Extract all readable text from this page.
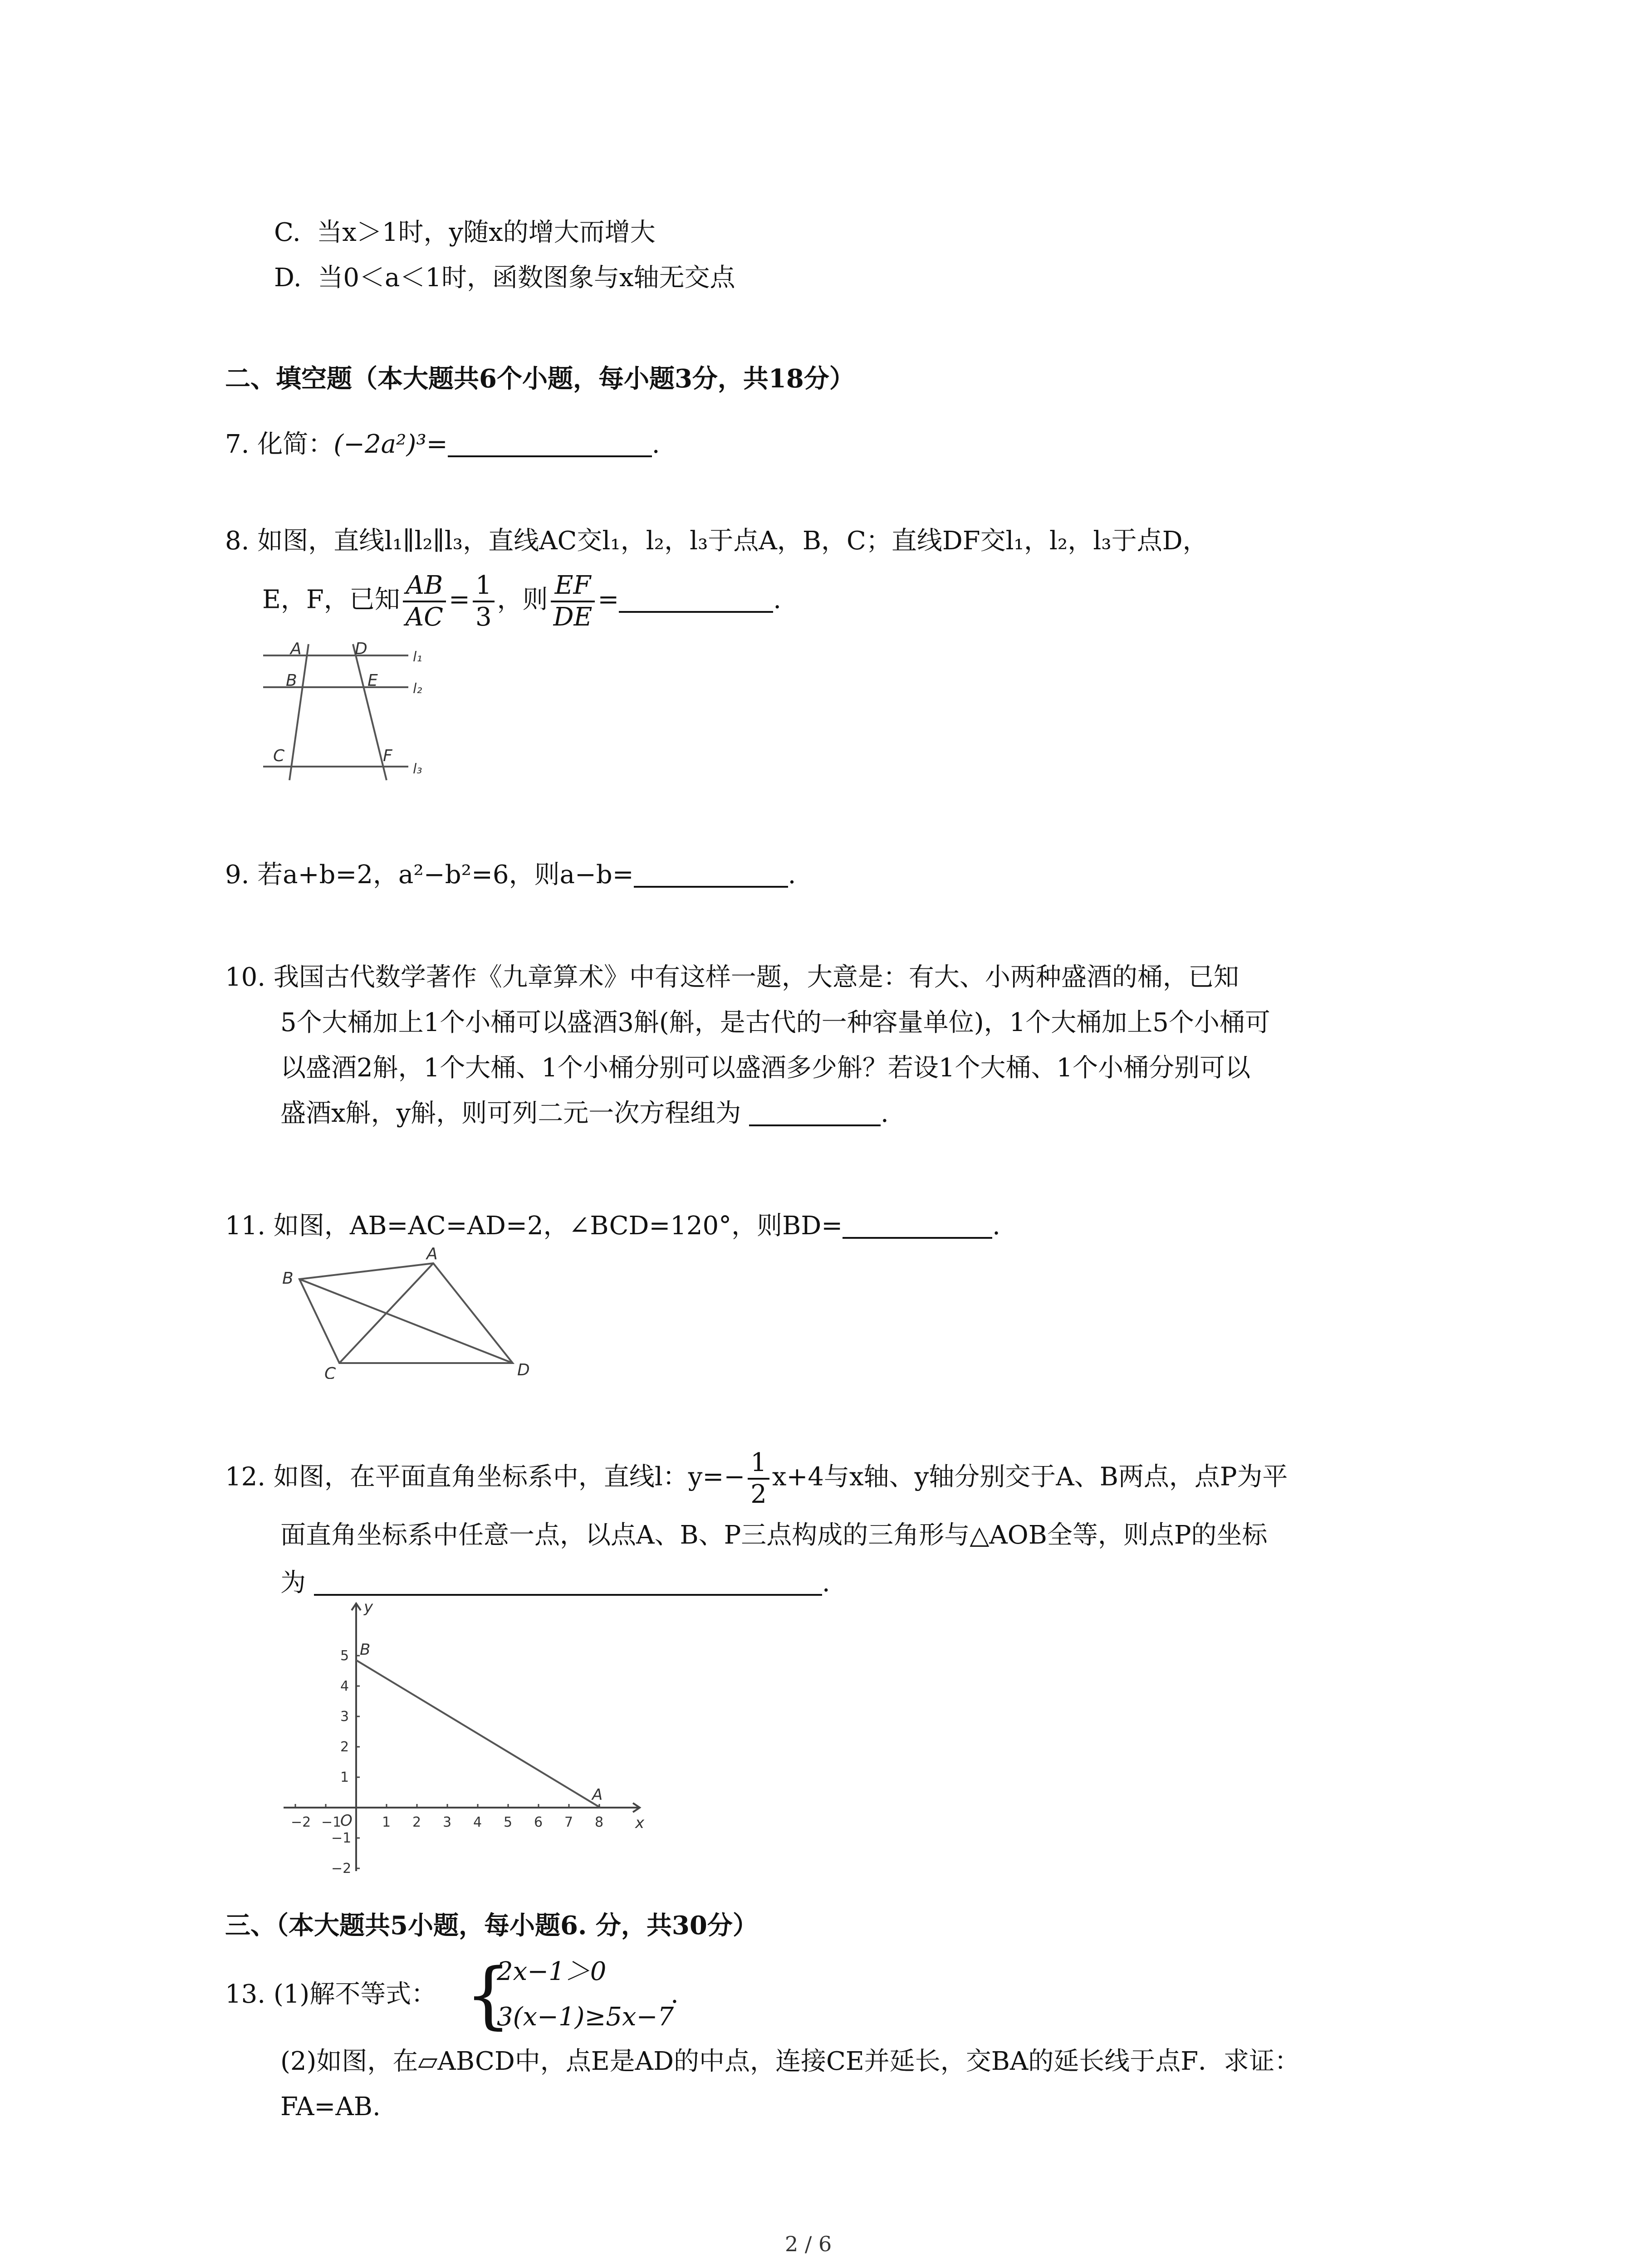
C. 当x＞1时，y随x的增大而增大
D. 当0＜a＜1时，函数图象与x轴无交点
二、填空题（本大题共6个小题，每小题3分，共18分）
7. 化简：(−2a²)³=	.
8. 如图，直线l₁∥l₂∥l₃，直线AC交l₁，l₂，l₃于点A，B，C；直线DF交l₁，l₂，l₃于点D，
E，F，已知 $\frac{AB}{AC} = \frac{1}{3}$ ，则 $\frac{EF}{DE}$ =	.
A	D	l₁
B	E	l₂
C	F
l₃
9. 若a+b=2，a²−b²=6，则a−b=	.
10. 我国古代数学著作《九章算术》中有这样一题，大意是：有大、小两种盛酒的桶，已知
5个大桶加上1个小桶可以盛酒3斛(斛，是古代的一种容量单位)，1个大桶加上5个小桶可
以盛酒2斛，1个大桶、1个小桶分别可以盛酒多少斛？若设1个大桶、1个小桶分别可以
盛酒x斛，y斛，则可列二元一次方程组为	.
11. 如图，AB=AC=AD=2，∠BCD=120°，则BD=	.
B
A
C	D
12. 如图，在平面直角坐标系中，直线l：$y=- \frac{1}{2} x+4$与x轴、y轴分别交于A、B两点，点P为平
面直角坐标系中任意一点，以点A、B、P三点构成的三角形与△AOB全等，则点P的坐标
为	.
−2 −1	1 2 3 4 5 6 7 8
5
4
3
2
1
−1
−2
y
x
O
B
A
三、（本大题共5小题，每小题6. 分，共30分）
13. (1)解不等式： {
2x−1＞0
3(x−1)≥5x−7
.
(2)如图，在▱ABCD中，点E是AD的中点，连接CE并延长，交BA的延长线于点F．求证：
FA=AB.
2 / 6
